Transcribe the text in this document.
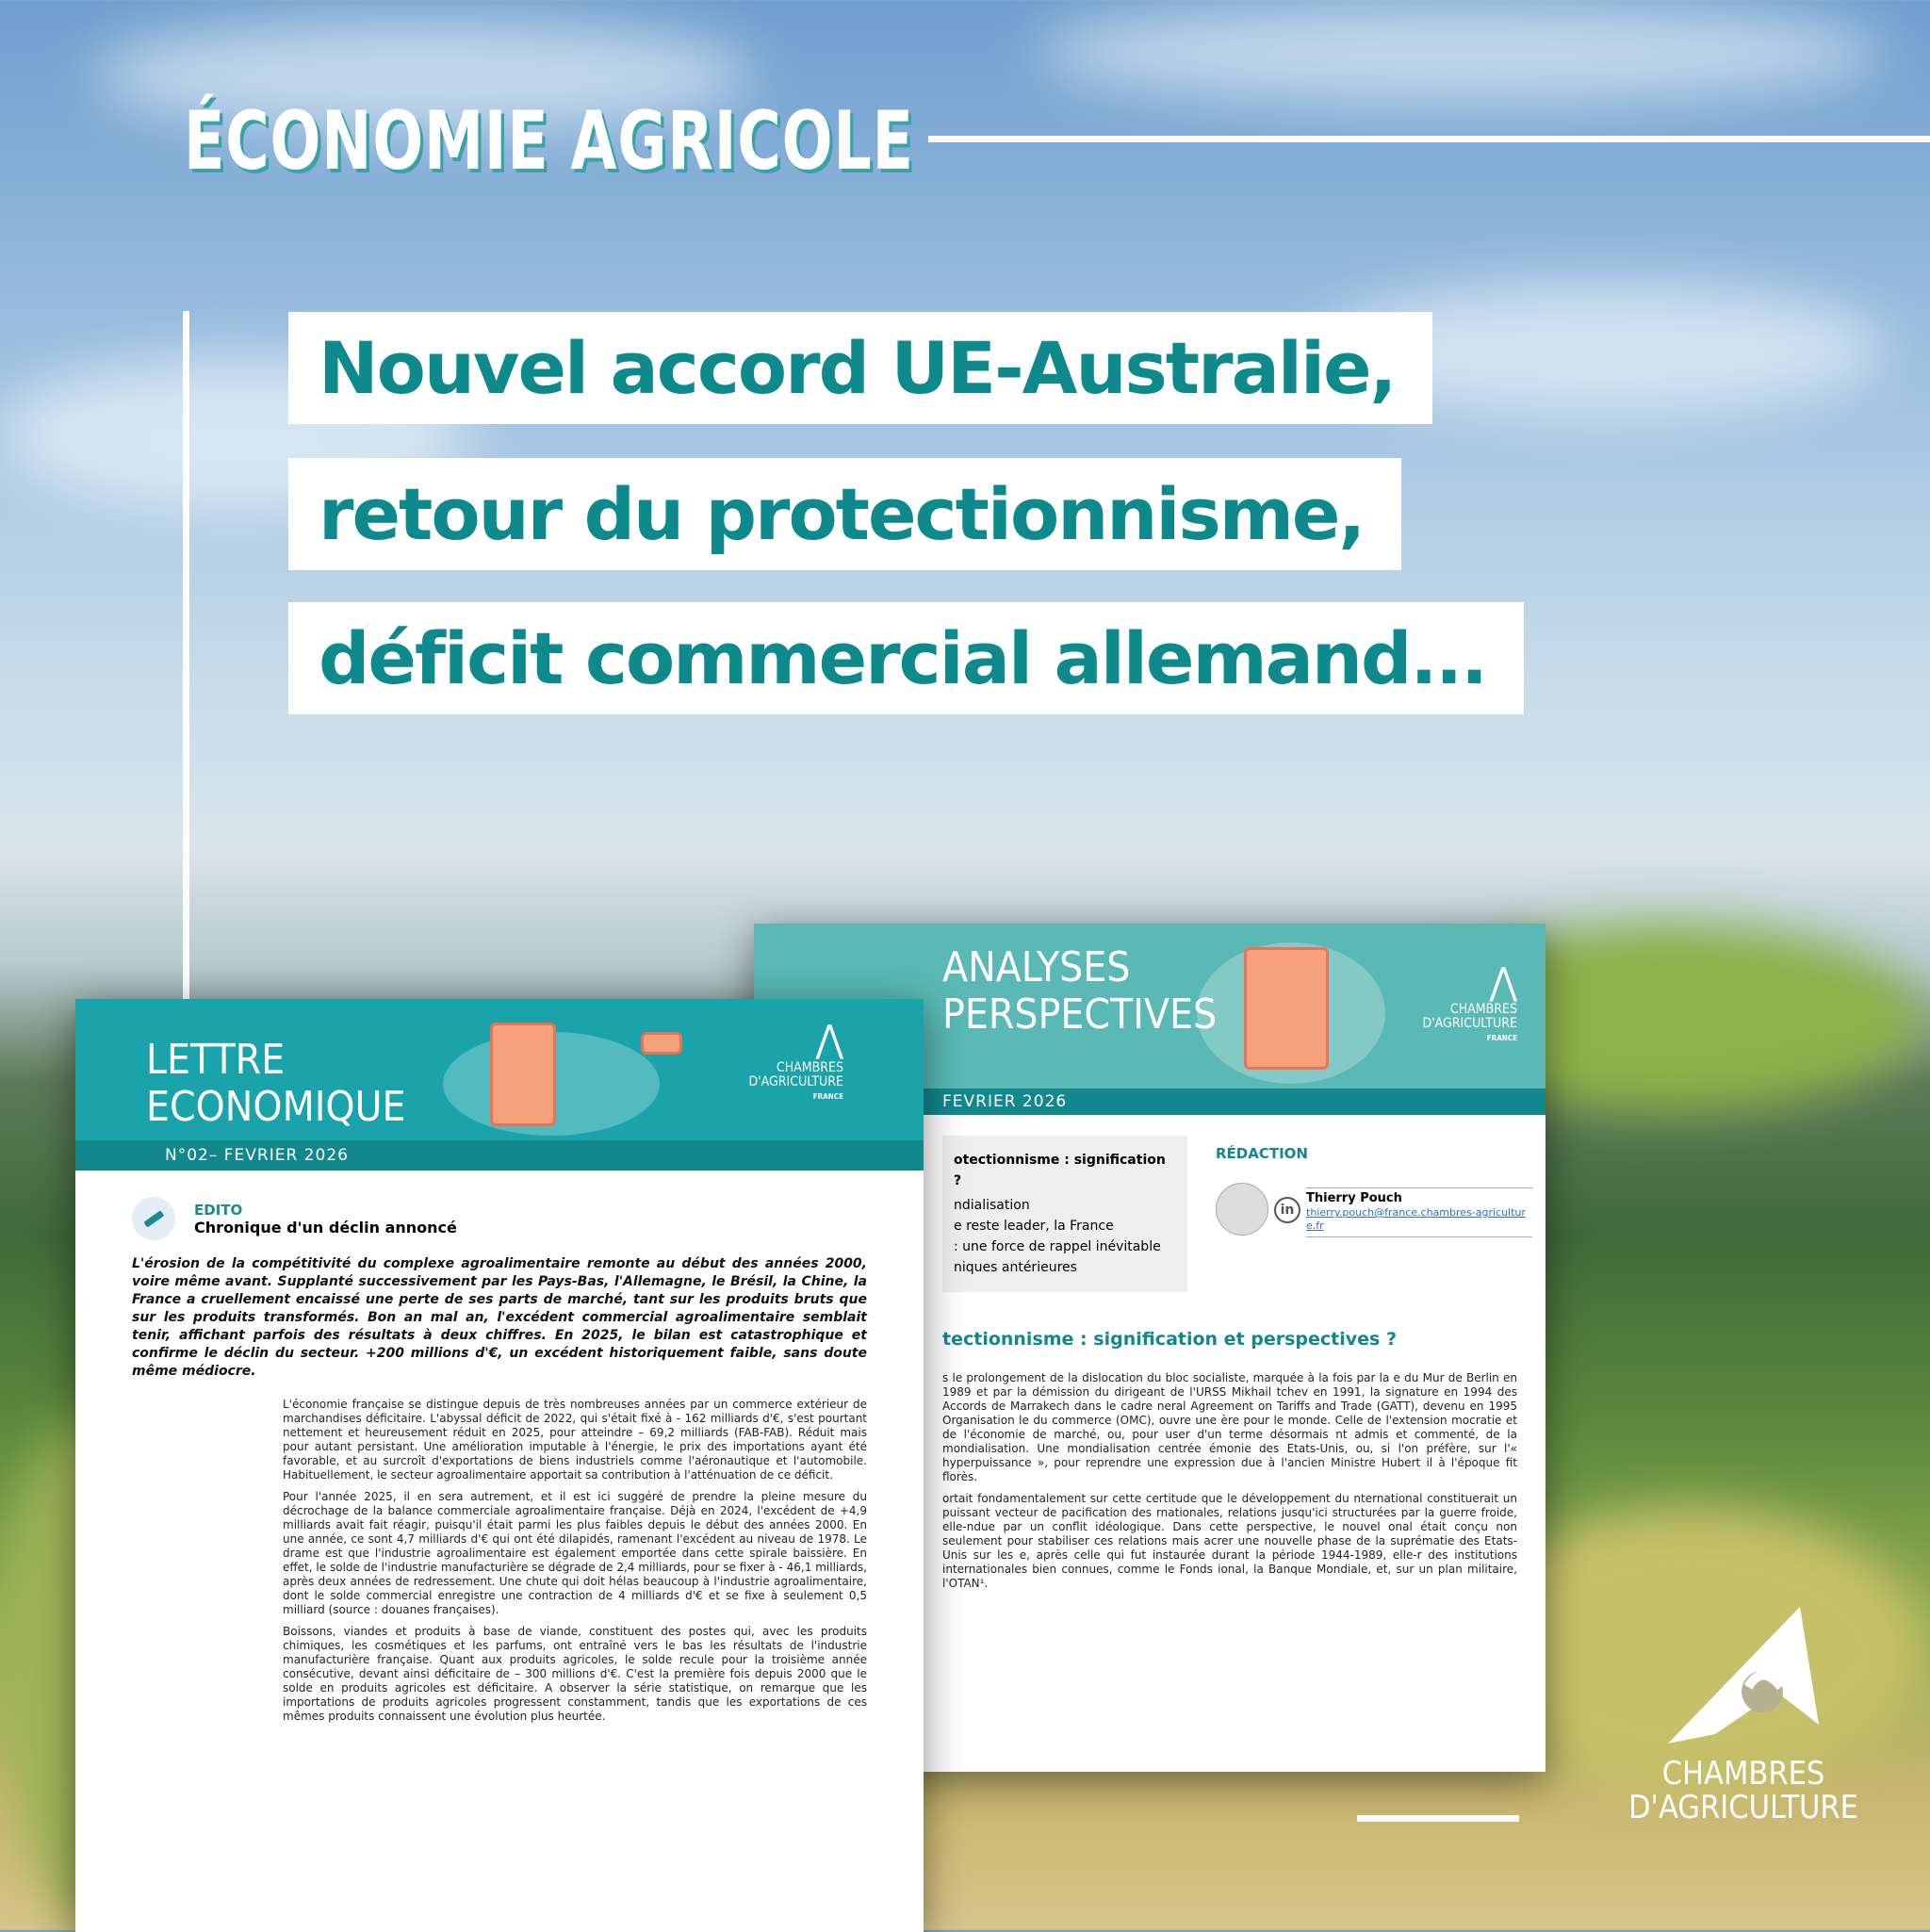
ÉCONOMIE AGRICOLE
Nouvel accord UE-Australie,
retour du protectionnisme,
déficit commercial allemand...
ANALYSES
PERSPECTIVES
FEVRIER 2026
⋀
CHAMBRES
D'AGRICULTURE
FRANCE
otectionnisme : signification ?
ndialisation
e reste leader, la France
: une force de rappel inévitable
niques antérieures
RÉDACTION
in
Thierry Pouch
thierry.pouch@france.chambres-agriculture.fr
tectionnisme : signification et perspectives ?
s le prolongement de la dislocation du bloc socialiste, marquée à la fois par la e du Mur de Berlin en 1989 et par la démission du dirigeant de l'URSS Mikhail tchev en 1991, la signature en 1994 des Accords de Marrakech dans le cadre neral Agreement on Tariffs and Trade (GATT), devenu en 1995 Organisation le du commerce (OMC), ouvre une ère pour le monde. Celle de l'extension mocratie et de l'économie de marché, ou, pour user d'un terme désormais nt admis et commenté, de la mondialisation. Une mondialisation centrée émonie des Etats-Unis, ou, si l'on préfère, sur l'« hyperpuissance », pour reprendre une expression due à l'ancien Ministre Hubert il à l'époque fit florès.
ortait fondamentalement sur cette certitude que le développement du nternational constituerait un puissant vecteur de pacification des rnationales, relations jusqu'ici structurées par la guerre froide, elle-ndue par un conflit idéologique. Dans cette perspective, le nouvel onal était conçu non seulement pour stabiliser ces relations mais acrer une nouvelle phase de la suprématie des Etats-Unis sur les e, après celle qui fut instaurée durant la période 1944-1989, elle-r des institutions internationales bien connues, comme le Fonds ional, la Banque Mondiale, et, sur un plan militaire, l'OTAN¹.
LETTRE
ECONOMIQUE
N°02– FEVRIER 2026
⋀
CHAMBRES
D'AGRICULTURE
FRANCE
EDITO
Chronique d'un déclin annoncé
L'érosion de la compétitivité du complexe agroalimentaire remonte au début des années 2000, voire même avant. Supplanté successivement par les Pays-Bas, l'Allemagne, le Brésil, la Chine, la France a cruellement encaissé une perte de ses parts de marché, tant sur les produits bruts que sur les produits transformés. Bon an mal an, l'excédent commercial agroalimentaire semblait tenir, affichant parfois des résultats à deux chiffres. En 2025, le bilan est catastrophique et confirme le déclin du secteur. +200 millions d'€, un excédent historiquement faible, sans doute même médiocre.
L'économie française se distingue depuis de très nombreuses années par un commerce extérieur de marchandises déficitaire. L'abyssal déficit de 2022, qui s'était fixé à - 162 milliards d'€, s'est pourtant nettement et heureusement réduit en 2025, pour atteindre – 69,2 milliards (FAB-FAB). Réduit mais pour autant persistant. Une amélioration imputable à l'énergie, le prix des importations ayant été favorable, et au surcroît d'exportations de biens industriels comme l'aéronautique et l'automobile. Habituellement, le secteur agroalimentaire apportait sa contribution à l'atténuation de ce déficit.
Pour l'année 2025, il en sera autrement, et il est ici suggéré de prendre la pleine mesure du décrochage de la balance commerciale agroalimentaire française. Déjà en 2024, l'excédent de +4,9 milliards avait fait réagir, puisqu'il était parmi les plus faibles depuis le début des années 2000. En une année, ce sont 4,7 milliards d'€ qui ont été dilapidés, ramenant l'excédent au niveau de 1978. Le drame est que l'industrie agroalimentaire est également emportée dans cette spirale baissière. En effet, le solde de l'industrie manufacturière se dégrade de 2,4 milliards, pour se fixer à - 46,1 milliards, après deux années de redressement. Une chute qui doit hélas beaucoup à l'industrie agroalimentaire, dont le solde commercial enregistre une contraction de 4 milliards d'€ et se fixe à seulement 0,5 milliard (source : douanes françaises).
Boissons, viandes et produits à base de viande, constituent des postes qui, avec les produits chimiques, les cosmétiques et les parfums, ont entraîné vers le bas les résultats de l'industrie manufacturière française. Quant aux produits agricoles, le solde recule pour la troisième année consécutive, devant ainsi déficitaire de – 300 millions d'€. C'est la première fois depuis 2000 que le solde en produits agricoles est déficitaire. A observer la série statistique, on remarque que les importations de produits agricoles progressent constamment, tandis que les exportations de ces mêmes produits connaissent une évolution plus heurtée.
CHAMBRES
D'AGRICULTURE
